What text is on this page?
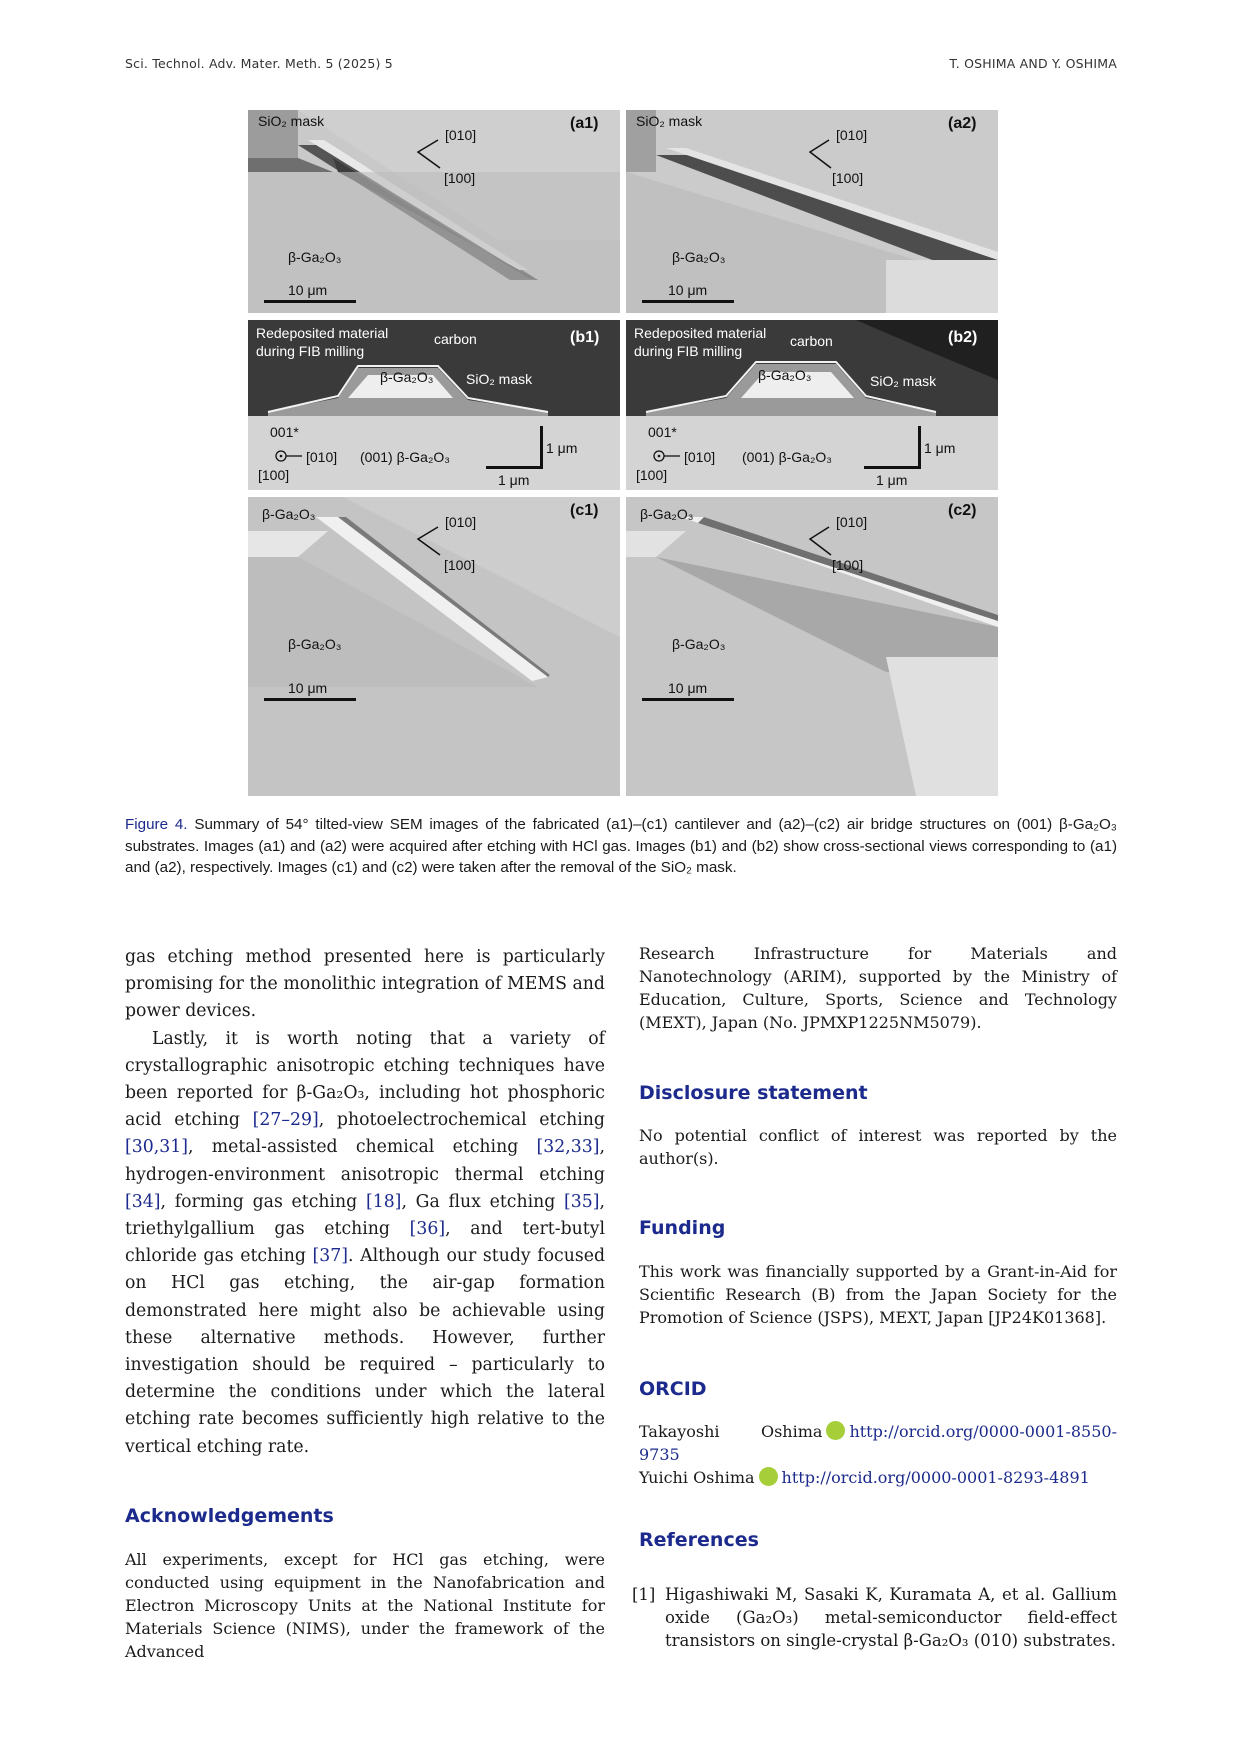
Sci. Technol. Adv. Mater. Meth. 5 (2025) 5	T. OSHIMA AND Y. OSHIMA
SiO₂ mask
[010]
[100]
(a1)
β-Ga₂O₃
10 μm
SiO₂ mask
[010]
[100]
(a2)
β-Ga₂O₃
10 μm
Redeposited material
during FIB milling
carbon
β-Ga₂O₃ SiO₂ mask
(b1)
001*
[010]
[100]
(001) β-Ga₂O₃
1 μm
1 μm
Redeposited material
during FIB milling
carbon
β-Ga₂O₃	SiO₂ mask
(b2)
001*
[010]
[100]
(001) β-Ga₂O₃
1 μm
1 μm
β-Ga₂O₃	[010]
[100]
(c1)
β-Ga₂O₃
10 μm
β-Ga₂O₃	[010]
[100]
(c2)
β-Ga₂O₃
10 μm
Figure 4. Summary of 54° tilted-view SEM images of the fabricated (a1)–(c1) cantilever and (a2)–(c2) air bridge structures on (001) β-Ga₂O₃ substrates. Images (a1) and (a2) were acquired after etching with HCl gas. Images (b1) and (b2) show cross-sectional views corresponding to (a1) and (a2), respectively. Images (c1) and (c2) were taken after the removal of the SiO₂ mask.

gas etching method presented here is particularly promising for the monolithic integration of MEMS and power devices.

Lastly, it is worth noting that a variety of crystallographic anisotropic etching techniques have been reported for β-Ga₂O₃, including hot phosphoric acid etching [27–29], photoelectrochemical etching [30,31], metal-assisted chemical etching [32,33], hydrogen-environment anisotropic thermal etching [34], forming gas etching [18], Ga flux etching [35], triethylgallium gas etching [36], and tert-butyl chloride gas etching [37]. Although our study focused on HCl gas etching, the air-gap formation demonstrated here might also be achievable using these alternative methods. However, further investigation should be required – particularly to determine the conditions under which the lateral etching rate becomes sufficiently high relative to the vertical etching rate.

Acknowledgements

All experiments, except for HCl gas etching, were conducted using equipment in the Nanofabrication and Electron Microscopy Units at the National Institute for Materials Science (NIMS), under the framework of the Advanced

Research Infrastructure for Materials and Nanotechnology (ARIM), supported by the Ministry of Education, Culture, Sports, Science and Technology (MEXT), Japan (No. JPMXP1225NM5079).

Disclosure statement

No potential conflict of interest was reported by the author(s).

Funding

This work was financially supported by a Grant-in-Aid for Scientific Research (B) from the Japan Society for the Promotion of Science (JSPS), MEXT, Japan [JP24K01368].

ORCID

Takayoshi Oshima http://orcid.org/0000-0001-8550-9735

Yuichi Oshima http://orcid.org/0000-0001-8293-4891

References
[1] Higashiwaki M, Sasaki K, Kuramata A, et al. Gallium oxide (Ga₂O₃) metal-semiconductor field-effect transistors on single-crystal β-Ga₂O₃ (010) substrates.
